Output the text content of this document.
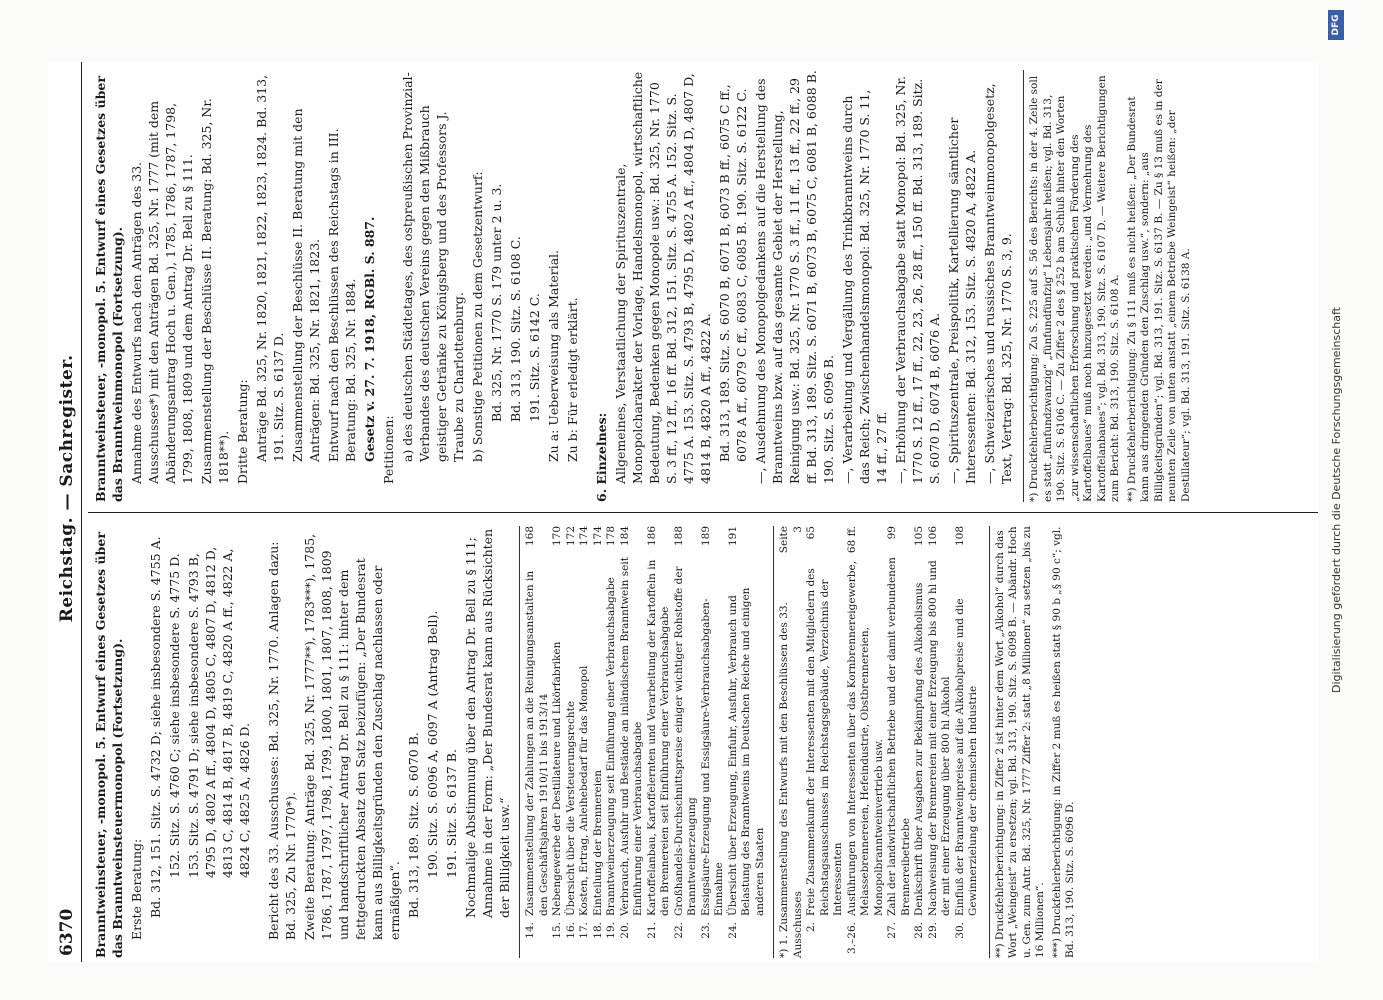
6370
Reichstag. — Sachregister.

Branntweinsteuer, -monopol. 5. Entwurf eines Gesetzes über das Branntweinsteuermonopol (Fortsetzung). Erste Beratung: Bd. 312, 151. Sitz. S. 4732 D; siehe insbesondere S. 4755 A. 152. Sitz. S. 4760 C; siehe insbesondere S. 4775 D. 153. Sitz. S. 4791 D; siehe insbesondere S. 4793 B, 4795 D, 4802 A ff., 4804 D, 4805 C, 4807 D, 4812 D, 4813 C, 4814 B, 4817 B, 4819 C, 4820 A ff., 4822 A, 4824 C, 4825 A, 4826 D. Bericht des 33. Ausschusses: Bd. 325, Nr. 1770. Anlagen dazu: Bd. 325, Zu Nr. 1770*). Zweite Beratung: Anträge Bd. 325, Nr. 1777**), 1783***), 1785, 1786, 1787, 1797, 1798, 1799, 1800, 1801, 1807, 1808, 1809 und handschriftlicher Antrag Dr. Bell zu § 111: hinter dem fettgedruckten Absatz den Satz beizufügen: „Der Bundesrat kann aus Billigkeitsgründen den Zuschlag nachlassen oder ermäßigen“. Bd. 313, 189. Sitz. S. 6070 B. 190. Sitz. S. 6096 A, 6097 A (Antrag Bell). 191. Sitz. S. 6137 B. Nochmalige Abstimmung über den Antrag Dr. Bell zu § 111; Annahme in der Form: „Der Bundesrat kann aus Rücksichten der Billigkeit usw.“

14.
Zusammenstellung der Zahlungen an die Reinigungsanstalten in den Geschäftsjahren 1910/11 bis 1913/14
168
15.
Nebengewerbe der Destillateure und Likörfabriken
170
16.
Übersicht über die Versteuerungsrechte
172
17.
Kosten, Ertrag, Anleihebedarf für das Monopol
174
18.
Einteilung der Brennereien
174
19.
Branntweinerzeugung seit Einführung einer Verbrauchsabgabe
178
20.
Verbrauch, Ausfuhr und Bestände an inländischem Branntwein seit Einführung einer Verbrauchsabgabe
184
21.
Kartoffelanbau, Kartoffelernten und Verarbeitung der Kartoffeln in den Brennereien seit Einführung einer Verbrauchsabgabe
186
22.
Großhandels-Durchschnittspreise einiger wichtiger Rohstoffe der Branntweinerzeugung
188
23.
Essigsäure-Erzeugung und Essigsäure-Verbrauchsabgaben-Einnahme
189
24.
Übersicht über Erzeugung, Einfuhr, Ausfuhr, Verbrauch und Belastung des Branntweins im Deutschen Reiche und einigen anderen Staaten
191
*) 1. Zusammenstellung des Entwurfs mit den Beschlüssen des 33. Ausschusses
Seite 3
2.
Freie Zusammenkunft der Interessenten mit den Mitgliedern des Reichstagsausschusses im Reichstagsgebäude, Verzeichnis der Interessenten
65
3.–26.
Ausführungen von Interessenten über das Kornbrennereigewerbe, Melassebrennereien, Hefeindustrie, Obstbrennereien, Monopolbranntweinvertrieb usw.
68 ff.
27.
Zahl der landwirtschaftlichen Betriebe und der damit verbundenen Brennereibetriebe
99
28.
Denkschrift über Ausgaben zur Bekämpfung des Alkoholismus
105
29.
Nachweisung der Brennereien mit einer Erzeugung bis 800 hl und der mit einer Erzeugung über 800 hl Alkohol
106
30.
Einfluß der Branntweinpreise auf die Alkoholpreise und die Gewinnerzielung der chemischen Industrie
108	**) Druckfehlerberichtigung: in Ziffer 2 ist hinter dem Wort „Alkohol“ durch das Wort „Weingeist“ zu ersetzen; vgl. Bd. 313, 190. Sitz. S. 6098 B. — Abändr. Hoch u. Gen. zum Antr. Bd. 325, Nr. 1777 Ziffer 2: statt „8 Millionen“ zu setzen „bis zu 16 Millionen“. ***) Druckfehlerberichtigung: in Ziffer 2 muß es heißen statt § 90 b „§ 90 c“; vgl. Bd. 313, 190. Sitz. S. 6096 D.

Branntweinsteuer, -monopol. 5. Entwurf eines Gesetzes über das Branntweinmonopol (Fortsetzung). Annahme des Entwurfs nach den Anträgen des 33. Ausschusses*) mit den Anträgen Bd. 325, Nr. 1777 (mit dem Abänderungsantrag Hoch u. Gen.), 1785, 1786, 1787, 1798, 1799, 1808, 1809 und dem Antrag Dr. Bell zu § 111. Zusammenstellung der Beschlüsse II. Beratung: Bd. 325, Nr. 1818**). Dritte Beratung: Anträge Bd. 325, Nr. 1820, 1821, 1822, 1823, 1824. Bd. 313, 191. Sitz. S. 6137 D. Zusammenstellung der Beschlüsse II. Beratung mit den Anträgen: Bd. 325, Nr. 1821, 1823. Entwurf nach den Beschlüssen des Reichstags in III. Beratung: Bd. 325, Nr. 1884. Gesetz v. 27. 7. 1918, RGBl. S. 887. Petitionen: a) des deutschen Städtetages, des ostpreußischen Provinzial-Verbandes des deutschen Vereins gegen den Mißbrauch geistiger Getränke zu Königsberg und des Professors J. Traube zu Charlottenburg. b) Sonstige Petitionen zu dem Gesetzentwurf: Bd. 325, Nr. 1770 S. 179 unter 2 u. 3. Bd. 313, 190. Sitz. S. 6108 C. 191. Sitz. S. 6142 C. Zu a: Ueberweisung als Material. Zu b: Für erledigt erklärt. 6. Einzelnes: Allgemeines, Verstaatlichung der Spirituszentrale, Monopolcharakter der Vorlage, Handelsmonopol, wirtschaftliche Bedeutung, Bedenken gegen Monopole usw.: Bd. 325, Nr. 1770 S. 3 ff., 12 ff., 16 ff. Bd. 312, 151. Sitz. S. 4755 A. 152. Sitz. S. 4775 A. 153. Sitz. S. 4793 B, 4795 D, 4802 A ff., 4804 D, 4807 D, 4814 B, 4820 A ff., 4822 A. Bd. 313, 189. Sitz. S. 6070 B, 6071 B, 6073 B ff., 6075 C ff., 6078 A ff., 6079 C ff., 6083 C, 6085 B. 190. Sitz. S. 6122 C. —, Ausdehnung des Monopolgedankens auf die Herstellung des Branntweins bzw. auf das gesamte Gebiet der Herstellung, Reinigung usw.: Bd. 325, Nr. 1770 S. 3 ff., 11 ff., 13 ff., 22 ff., 29 ff. Bd. 313, 189. Sitz. S. 6071 B, 6073 B, 6075 C, 6081 B, 6088 B. 190. Sitz. S. 6096 B. —, Verarbeitung und Vergällung des Trinkbranntweins durch das Reich; Zwischenhandelsmonopol: Bd. 325, Nr. 1770 S. 11, 14 ff., 27 ff. —, Erhöhung der Verbrauchsabgabe statt Monopol: Bd. 325, Nr. 1770 S. 12 ff., 17 ff., 22, 23, 26, 28 ff., 150 ff. Bd. 313, 189. Sitz. S. 6070 D, 6074 B, 6076 A. —, Spirituszentrale, Preispolitik, Kartellierung sämtlicher Interessenten: Bd. 312, 153. Sitz. S. 4820 A, 4822 A. —, Schweizerisches und russisches Branntweinmonopolgesetz, Text, Vertrag: Bd. 325, Nr. 1770 S. 3, 9. *) Druckfehlerberichtigung: Zu S. 225 auf S. 56 des Berichts: in der 4. Zeile soll es statt „fünfundzwanzig“ „fünfundfünfzig“ Lebensjahr heißen; vgl. Bd. 313, 190. Sitz. S. 6106 C. — Zu Ziffer 2 des § 252 b am Schluß hinter den Worten „zur wissenschaftlichen Erforschung und praktischen Förderung des Kartoffelbaues“ muß noch hinzugesetzt werden: „und Vermehrung des Kartoffelanbaues“; vgl. Bd. 313, 190. Sitz. S. 6107 D. — Weitere Berichtigungen zum Bericht: Bd. 313, 190. Sitz. S. 6108 A. **) Druckfehlerberichtigung: Zu § 111 muß es nicht heißen: „Der Bundesrat kann aus dringenden Gründen den Zuschlag usw.“, sondern: „aus Billigkeitsgründen“; vgl. Bd. 313, 191. Sitz. S. 6137 B. — Zu § 13 muß es in der neunten Zeile von unten anstatt „einem Betriebe Weingeist“ heißen: „der Destillateur“; vgl. Bd. 313, 191. Sitz. S. 6138 A.	Digitalisierung gefördert durch die Deutsche Forschungsgemeinschaft
DFG
